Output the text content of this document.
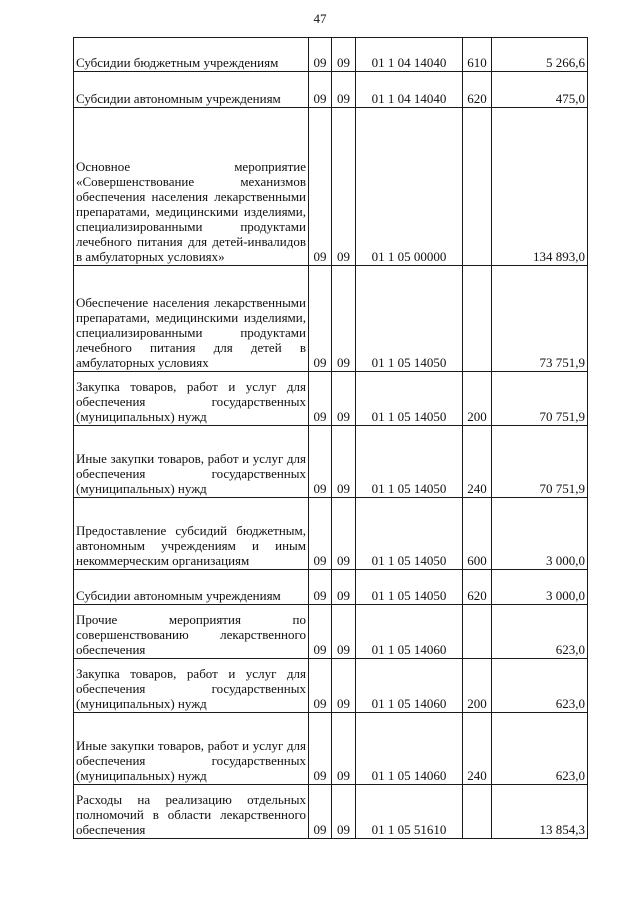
47
Субсидии бюджетным учреждениям	09	09	01 1 04 14040	610	5 266,6
Субсидии автономным учреждениям	09	09	01 1 04 14040	620	475,0
Основное мероприятие «Совершенствование механизмов обеспечения населения лекарственными препаратами, медицинскими изделиями, специализированными продуктами лечебного питания для детей-инвалидов в амбулаторных условиях»	09	09	01 1 05 00000		134 893,0
Обеспечение населения лекарственными препаратами, медицинскими изделиями, специализированными продуктами лечебного питания для детей в амбулаторных условиях	09	09	01 1 05 14050		73 751,9
Закупка товаров, работ и услуг для обеспечения государственных (муниципальных) нужд	09	09	01 1 05 14050	200	70 751,9
Иные закупки товаров, работ и услуг для обеспечения государственных (муниципальных) нужд	09	09	01 1 05 14050	240	70 751,9
Предоставление субсидий бюджетным, автономным учреждениям и иным некоммерческим организациям	09	09	01 1 05 14050	600	3 000,0
Субсидии автономным учреждениям	09	09	01 1 05 14050	620	3 000,0
Прочие мероприятия по совершенствованию лекарственного обеспечения	09	09	01 1 05 14060		623,0
Закупка товаров, работ и услуг для обеспечения государственных (муниципальных) нужд	09	09	01 1 05 14060	200	623,0
Иные закупки товаров, работ и услуг для обеспечения государственных (муниципальных) нужд	09	09	01 1 05 14060	240	623,0
Расходы на реализацию отдельных полномочий в области лекарственного обеспечения	09	09	01 1 05 51610		13 854,3
